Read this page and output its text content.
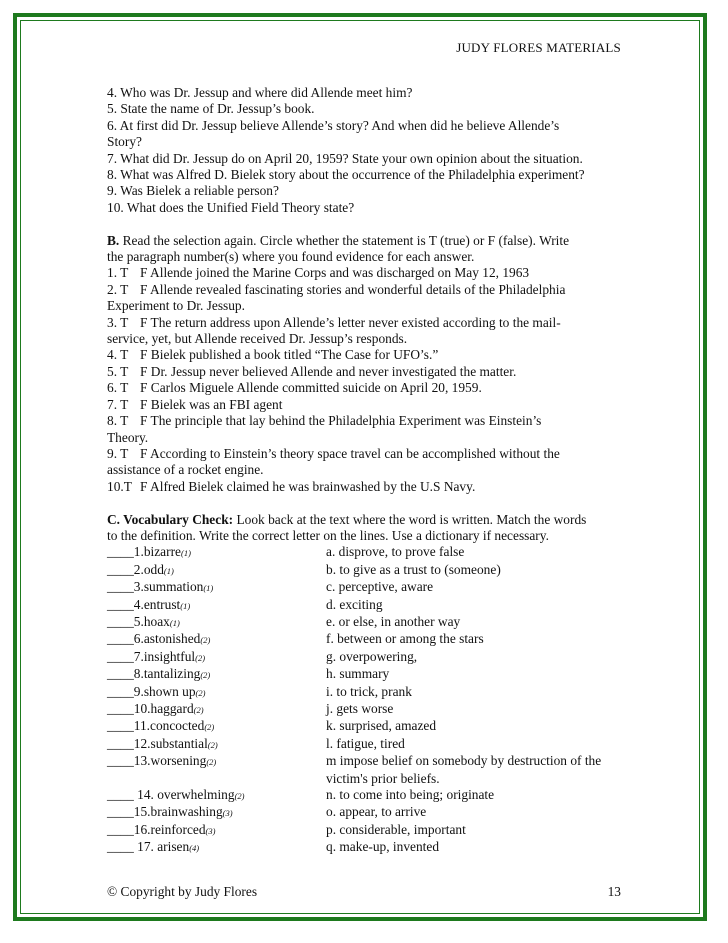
JUDY FLORES MATERIALS
4. Who was Dr. Jessup and where did Allende meet him?
5. State the name of Dr. Jessup’s book.
6. At first did Dr. Jessup believe Allende’s story? And when did he believe Allende’s
Story?
7. What did Dr. Jessup do on April 20, 1959? State your own opinion about the situation.
8. What was Alfred D. Bielek story about the occurrence of the Philadelphia experiment?
9. Was Bielek a reliable person?
10. What does the Unified Field Theory state?
B. Read the selection again. Circle whether the statement is T (true) or F (false). Write
the paragraph number(s) where you found evidence for each answer.
1. T F Allende joined the Marine Corps and was discharged on May 12, 1963
2. T F Allende revealed fascinating stories and wonderful details of the Philadelphia
Experiment to Dr. Jessup.
3. T F The return address upon Allende’s letter never existed according to the mail-
service, yet, but Allende received Dr. Jessup’s responds.
4. T F Bielek published a book titled “The Case for UFO’s.”
5. T F Dr. Jessup never believed Allende and never investigated the matter.
6. T F Carlos Miguele Allende committed suicide on April 20, 1959.
7. T F Bielek was an FBI agent
8. T F The principle that lay behind the Philadelphia Experiment was Einstein’s
Theory.
9. T F According to Einstein’s theory space travel can be accomplished without the
assistance of a rocket engine.
10.T F Alfred Bielek claimed he was brainwashed by the U.S Navy.
C. Vocabulary Check: Look back at the text where the word is written. Match the words
to the definition. Write the correct letter on the lines. Use a dictionary if necessary.
____1.bizarre(1)	a. disprove, to prove false
____2.odd(1)	b. to give as a trust to (someone)
____3.summation(1)	c. perceptive, aware
____4.entrust(1)	d. exciting
____5.hoax(1)	e. or else, in another way
____6.astonished(2)	f. between or among the stars
____7.insightful(2)	g. overpowering,
____8.tantalizing(2)	h. summary
____9.shown up(2)	i. to trick, prank
____10.haggard(2)	j. gets worse
____11.concocted(2)	k. surprised, amazed
____12.substantial(2)	l. fatigue, tired
____13.worsening(2)	m impose belief on somebody by destruction of the
victim's prior beliefs.
____ 14. overwhelming(2)	n. to come into being; originate
____15.brainwashing(3)	o. appear, to arrive
____16.reinforced(3)	p. considerable, important
____ 17. arisen(4)	q. make-up, invented
© Copyright by Judy Flores	13
